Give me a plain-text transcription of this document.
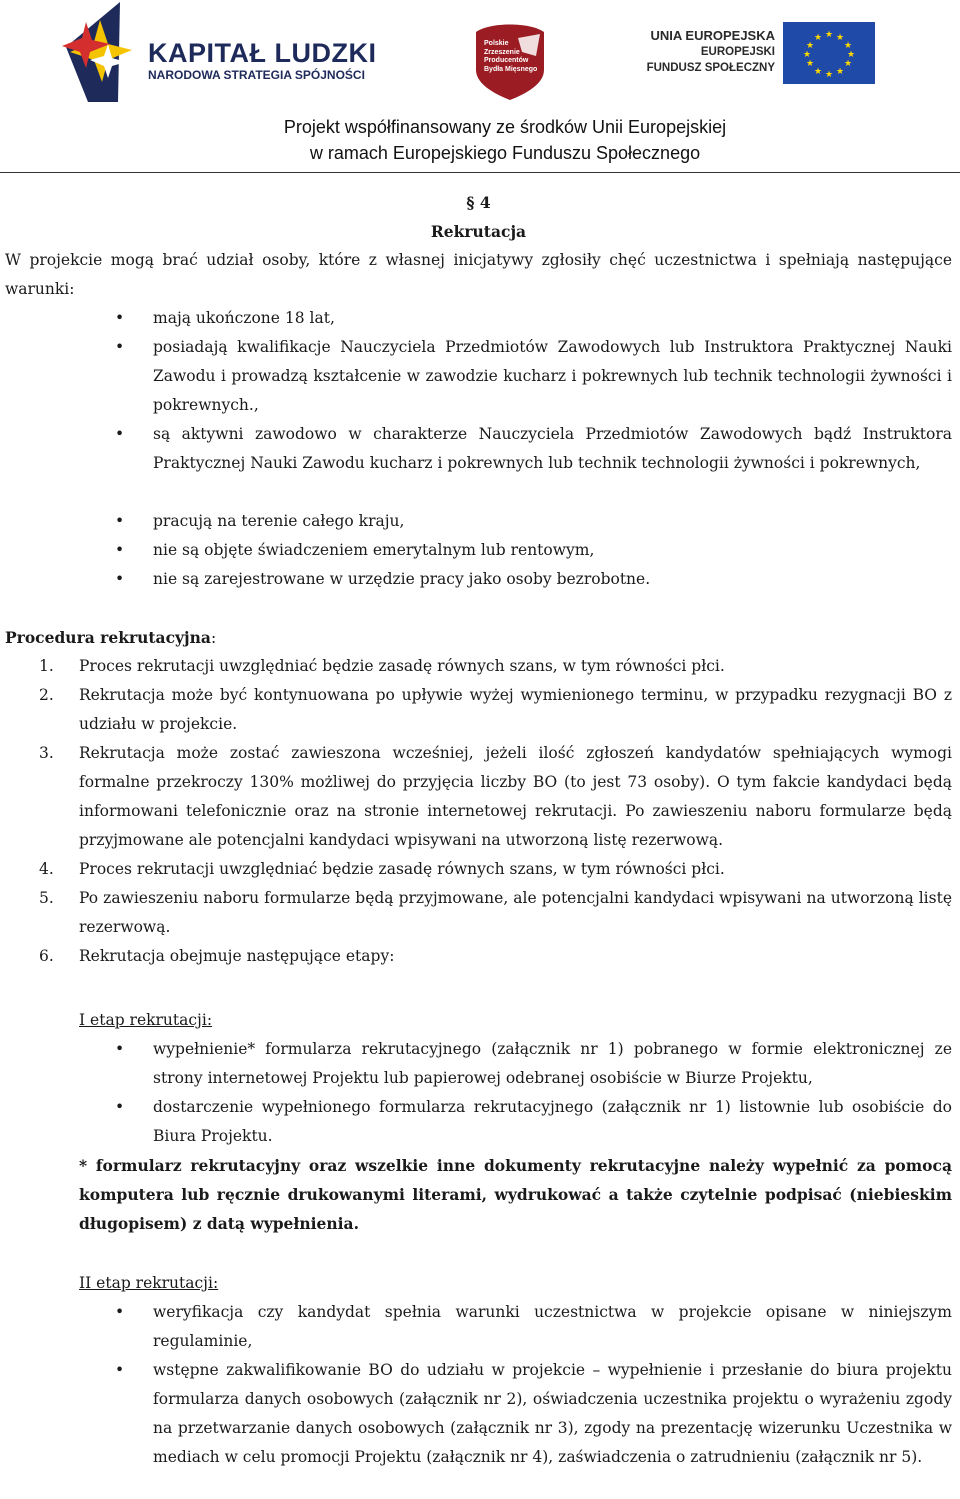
KAPITAŁ LUDZKI
NARODOWA STRATEGIA SPÓJNOŚCI
Polskie
Zrzeszenie
Producentów
Bydła Mięsnego
UNIA EUROPEJSKA
EUROPEJSKI
FUNDUSZ SPOŁECZNY
★ ★
★
★
★
★
★
★
★
★
★
★
Projekt współfinansowany ze środków Unii Europejskiej
w ramach Europejskiego Funduszu Społecznego
§ 4
Rekrutacja
W projekcie mogą brać udział osoby, które z własnej inicjatywy zgłosiły chęć uczestnictwa i spełniają następujące warunki:
• mają ukończone 18 lat,
• posiadają kwalifikacje Nauczyciela Przedmiotów Zawodowych lub Instruktora Praktycznej Nauki Zawodu i prowadzą kształcenie w zawodzie kucharz i pokrewnych lub technik technologii żywności i pokrewnych.,
• są aktywni zawodowo w charakterze Nauczyciela Przedmiotów Zawodowych bądź Instruktora Praktycznej Nauki Zawodu kucharz i pokrewnych lub technik technologii żywności i pokrewnych,
• pracują na terenie całego kraju,
• nie są objęte świadczeniem emerytalnym lub rentowym,
• nie są zarejestrowane w urzędzie pracy jako osoby bezrobotne.
Procedura rekrutacyjna:
1. Proces rekrutacji uwzględniać będzie zasadę równych szans, w tym równości płci.
2. Rekrutacja może być kontynuowana po upływie wyżej wymienionego terminu, w przypadku rezygnacji BO z udziału w projekcie.
3. Rekrutacja może zostać zawieszona wcześniej, jeżeli ilość zgłoszeń kandydatów spełniających wymogi formalne przekroczy 130% możliwej do przyjęcia liczby BO (to jest 73 osoby). O tym fakcie kandydaci będą informowani telefonicznie oraz na stronie internetowej rekrutacji. Po zawieszeniu naboru formularze będą przyjmowane ale potencjalni kandydaci wpisywani na utworzoną listę rezerwową.
4. Proces rekrutacji uwzględniać będzie zasadę równych szans, w tym równości płci.
5. Po zawieszeniu naboru formularze będą przyjmowane, ale potencjalni kandydaci wpisywani na utworzoną listę rezerwową.
6. Rekrutacja obejmuje następujące etapy:
I etap rekrutacji:
• wypełnienie* formularza rekrutacyjnego (załącznik nr 1) pobranego w formie elektronicznej ze strony internetowej Projektu lub papierowej odebranej osobiście w Biurze Projektu,
• dostarczenie wypełnionego formularza rekrutacyjnego (załącznik nr 1) listownie lub osobiście do Biura Projektu.
* formularz rekrutacyjny oraz wszelkie inne dokumenty rekrutacyjne należy wypełnić za pomocą komputera lub ręcznie drukowanymi literami, wydrukować a także czytelnie podpisać (niebieskim długopisem) z datą wypełnienia.
II etap rekrutacji:
• weryfikacja czy kandydat spełnia warunki uczestnictwa w projekcie opisane w niniejszym regulaminie,
• wstępne zakwalifikowanie BO do udziału w projekcie – wypełnienie i przesłanie do biura projektu formularza danych osobowych (załącznik nr 2), oświadczenia uczestnika projektu o wyrażeniu zgody na przetwarzanie danych osobowych (załącznik nr 3), zgody na prezentację wizerunku Uczestnika w mediach w celu promocji Projektu (załącznik nr 4), zaświadczenia o zatrudnieniu (załącznik nr 5).
